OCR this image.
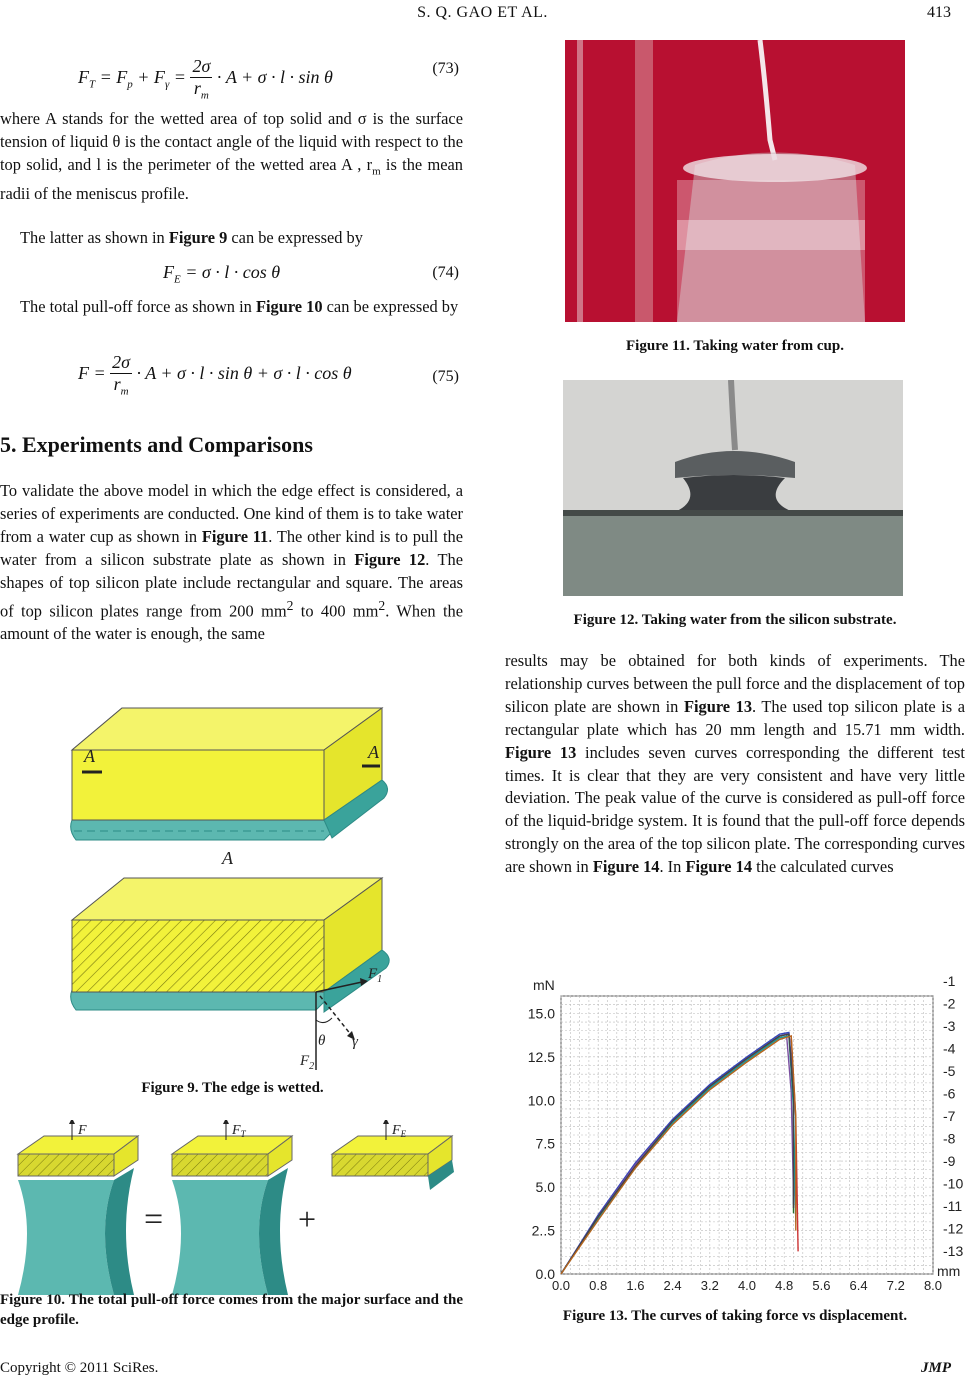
S. Q. GAO ET AL.	413
$F_T = F_p + F_\gamma = \frac{2\sigma}{r_m} \cdot A + \sigma \cdot l \cdot \sin \theta$	(73)
where A stands for the wetted area of top solid and σ is the surface tension of liquid θ is the contact angle of the liquid with respect to the top solid, and l is the perimeter of the wetted area A , $r_m$ is the mean radii of the meniscus profile.
The latter as shown in Figure 9 can be expressed by
$F_E = \sigma \cdot l \cdot \cos \theta$	(74)
The total pull-off force as shown in Figure 10 can be expressed by
$F = \frac{2\sigma}{r_m} \cdot A + \sigma \cdot l \cdot \sin \theta + \sigma \cdot l \cdot \cos \theta$	(75)
5. Experiments and Comparisons
To validate the above model in which the edge effect is considered, a series of experiments are conducted. One kind of them is to take water from a water cup as shown in Figure 11. The other kind is to pull the water from a silicon substrate plate as shown in Figure 12. The shapes of top silicon plate include rectangular and square. The areas of top silicon plates range from 200 $mm^2$ to 400 $mm^2$. When the amount of the water is enough, the same
A	A
A
$F_1$
$F_2$
θ γ
Figure 9. The edge is wetted.
F
=
$F_T$
+
$F_E$
Figure 10. The total pull-off force comes from the major surface and the edge profile.
Figure 11. Taking water from cup.
Figure 12. Taking water from the silicon substrate.
results may be obtained for both kinds of experiments. The relationship curves between the pull force and the displacement of top silicon plate are shown in Figure 13. The used top silicon plate is a rectangular plate which has 20 mm length and 15.71 mm width. Figure 13 includes seven curves corresponding the different test times. It is clear that they are very consistent and have very little deviation. The peak value of the curve is considered as pull-off force of the liquid-bridge system. It is found that the pull-off force depends strongly on the area of the top silicon plate. The corresponding curves are shown in Figure 14. In Figure 14 the calculated curves
15.0
12.5
10.0
7.5
5.0
2..5
0.0
mN
0.0 0.8 1.6 2.4 3.2 4.0 4.8 5.6 6.4 7.2 8.0
mm
-1
-2
-3
-4
-5
-6
-7
-8
-9
-10
-11
-12
-13
Figure 13. The curves of taking force vs displacement.
Copyright © 2011 SciRes.	JMP
